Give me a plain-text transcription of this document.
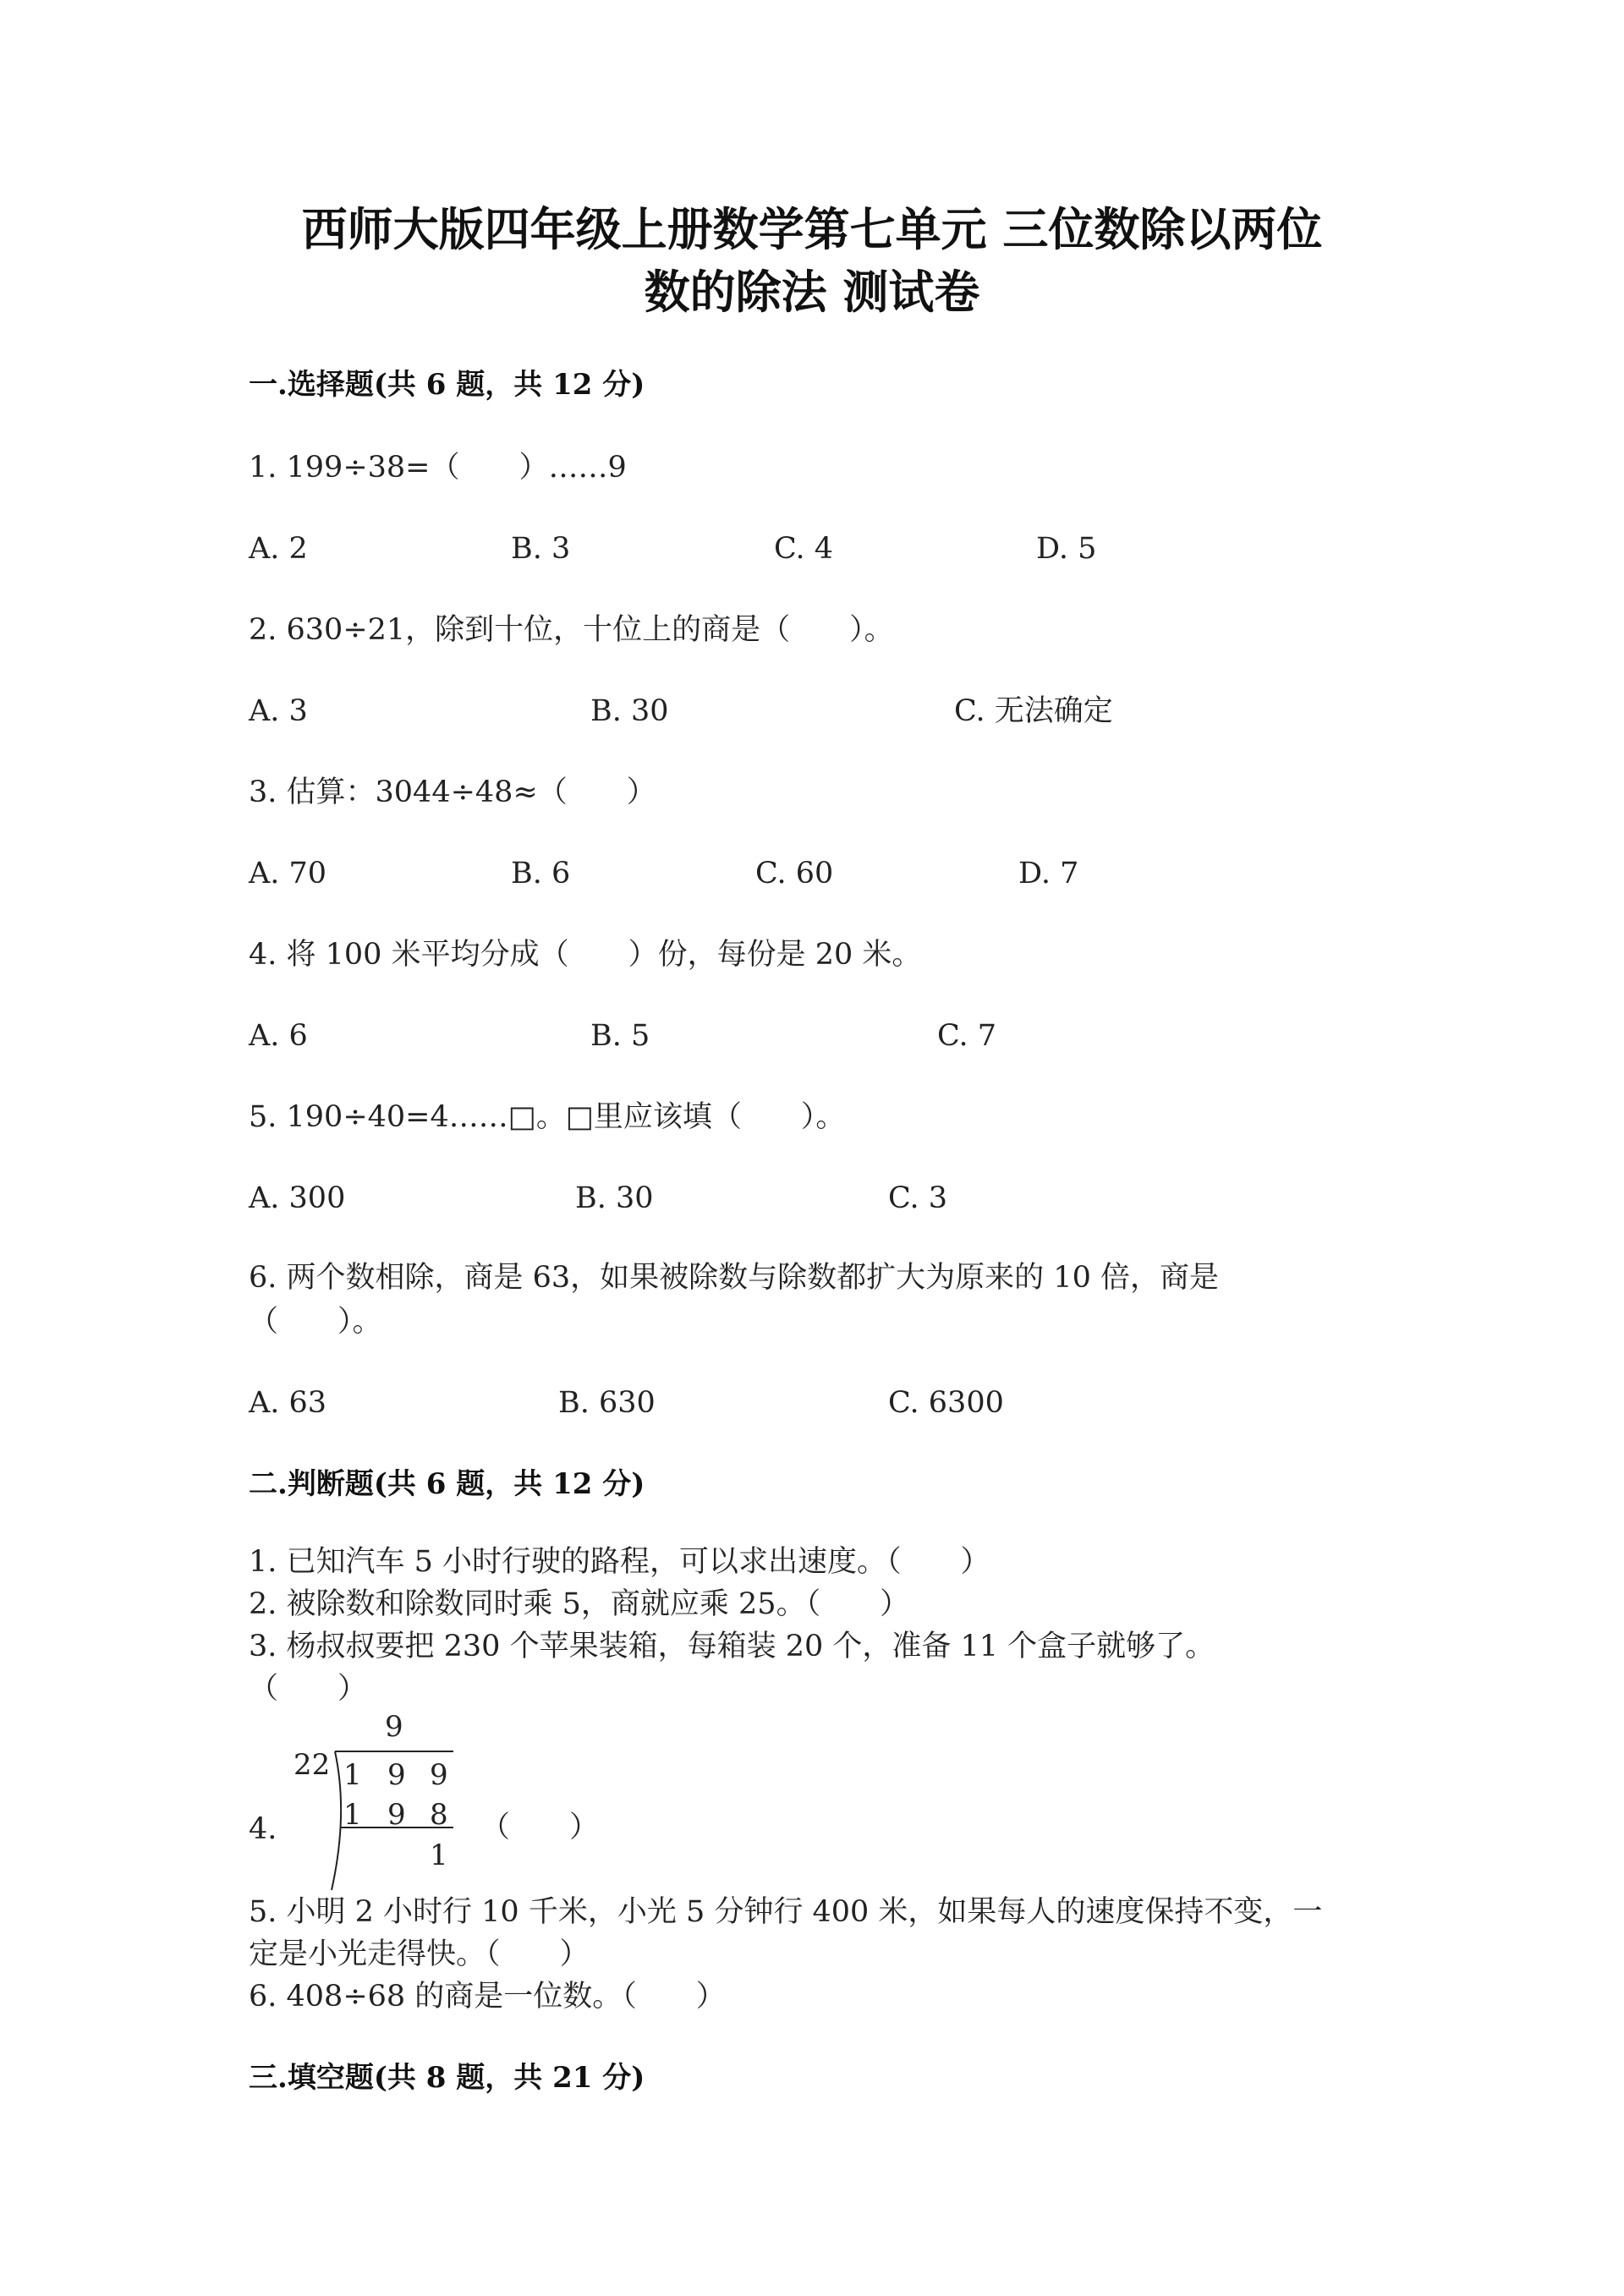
西师大版四年级上册数学第七单元 三位数除以两位
数的除法 测试卷
一.选择题(共 6 题，共 12 分)
1. 199÷38=（　　）……9
A. 2	B. 3	C. 4	D. 5
2. 630÷21，除到十位，十位上的商是（　　）。
A. 3	B. 30	C. 无法确定
3. 估算：3044÷48≈（　　）
A. 70	B. 6	C. 60	D. 7
4. 将 100 米平均分成（　　）份，每份是 20 米。
A. 6	B. 5	C. 7
5. 190÷40=4……□。□里应该填（　　）。
A. 300	B. 30	C. 3
6. 两个数相除，商是 63，如果被除数与除数都扩大为原来的 10 倍，商是
（　　）。
A. 63	B. 630	C. 6300
二.判断题(共 6 题，共 12 分)
1. 已知汽车 5 小时行驶的路程，可以求出速度。（　　）
2. 被除数和除数同时乘 5，商就应乘 25。（　　）
3. 杨叔叔要把 230 个苹果装箱，每箱装 20 个，准备 11 个盒子就够了。
（　　）
9
22 1 9 9
1 9 8
1
4.	（　　）
5. 小明 2 小时行 10 千米，小光 5 分钟行 400 米，如果每人的速度保持不变，一
定是小光走得快。（　　）
6. 408÷68 的商是一位数。（　　）
三.填空题(共 8 题，共 21 分)
